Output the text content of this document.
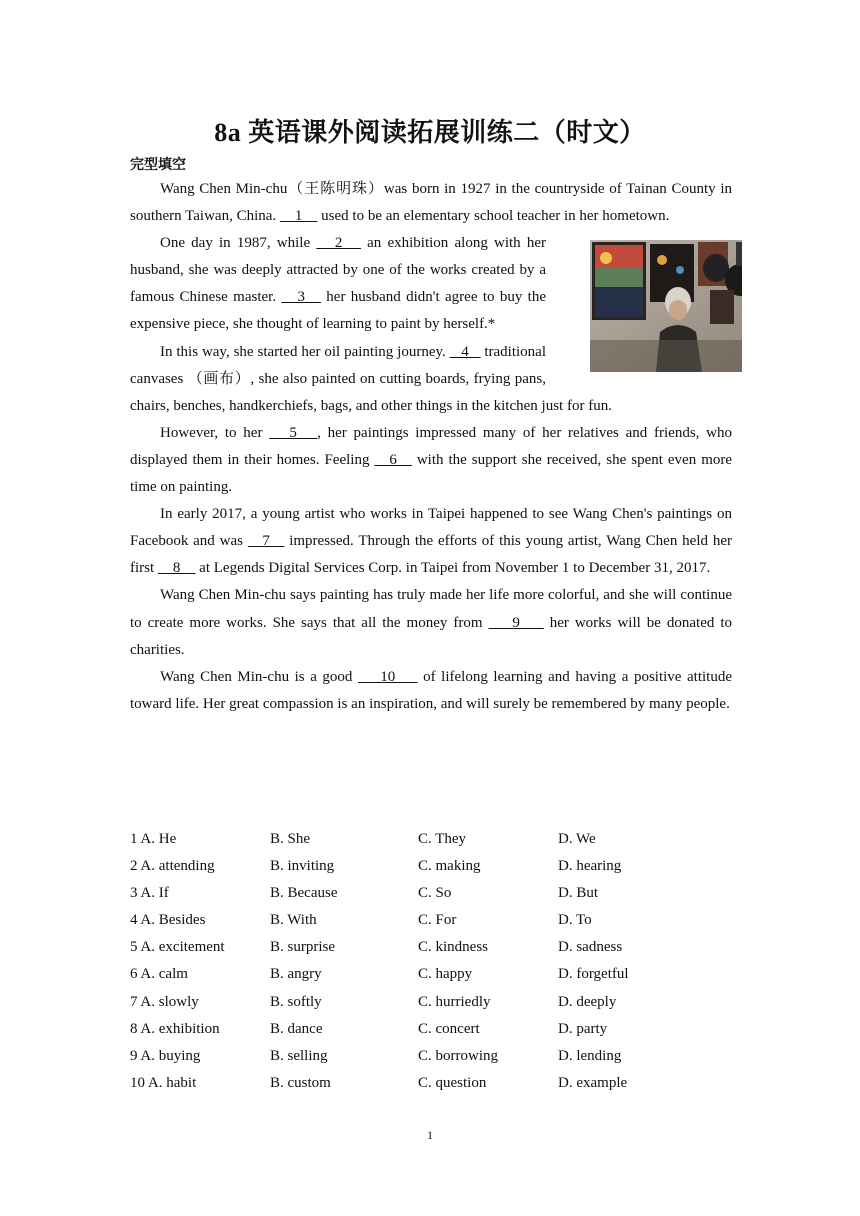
8a 英语课外阅读拓展训练二（时文）
完型填空

Wang Chen Min-chu（王陈明珠）was born in 1927 in the countryside of Tainan County in southern Taiwan, China.     1     used to be an elementary school teacher in her hometown.

One day in 1987, while    2    an exhibition along with her husband, she was deeply attracted by one of the works created by a famous Chinese master.    3    her husband didn't agree to buy the expensive piece, she thought of learning to paint by herself.*

In this way, she started her oil painting journey.    4    traditional canvases （画布）, she also painted on cutting boards, frying pans, chairs, benches, handkerchiefs, bags, and other things in the kitchen just for fun.

However, to her    5   , her paintings impressed many of her relatives and friends, who displayed them in their homes. Feeling    6    with the support she received, she spent even more time on painting.

In early 2017, a young artist who works in Taipei happened to see Wang Chen's paintings on Facebook and was    7    impressed. Through the efforts of this young artist, Wang Chen held her first     8     at Legends Digital Services Corp. in Taipei from November 1 to December 31, 2017.

Wang Chen Min-chu says painting has truly made her life more colorful, and she will continue to create more works. She says that all the money from     9     her works will be donated to charities.

Wang Chen Min-chu is a good     10     of lifelong learning and having a positive attitude toward life. Her great compassion is an inspiration, and will surely be remembered by many people.

1 A. He	B. She	C. They	D. We
2 A. attending	B. inviting	C. making	D. hearing
3 A. If	B. Because	C. So	D. But
4 A. Besides	B. With	C. For	D. To
5 A. excitement	B. surprise	C. kindness	D. sadness
6 A. calm	B. angry	C. happy	D. forgetful
7 A. slowly	B. softly	C. hurriedly	D. deeply
8 A. exhibition	B. dance	C. concert	D. party
9 A. buying	B. selling	C. borrowing	D. lending
10 A. habit	B. custom	C. question	D. example
1
